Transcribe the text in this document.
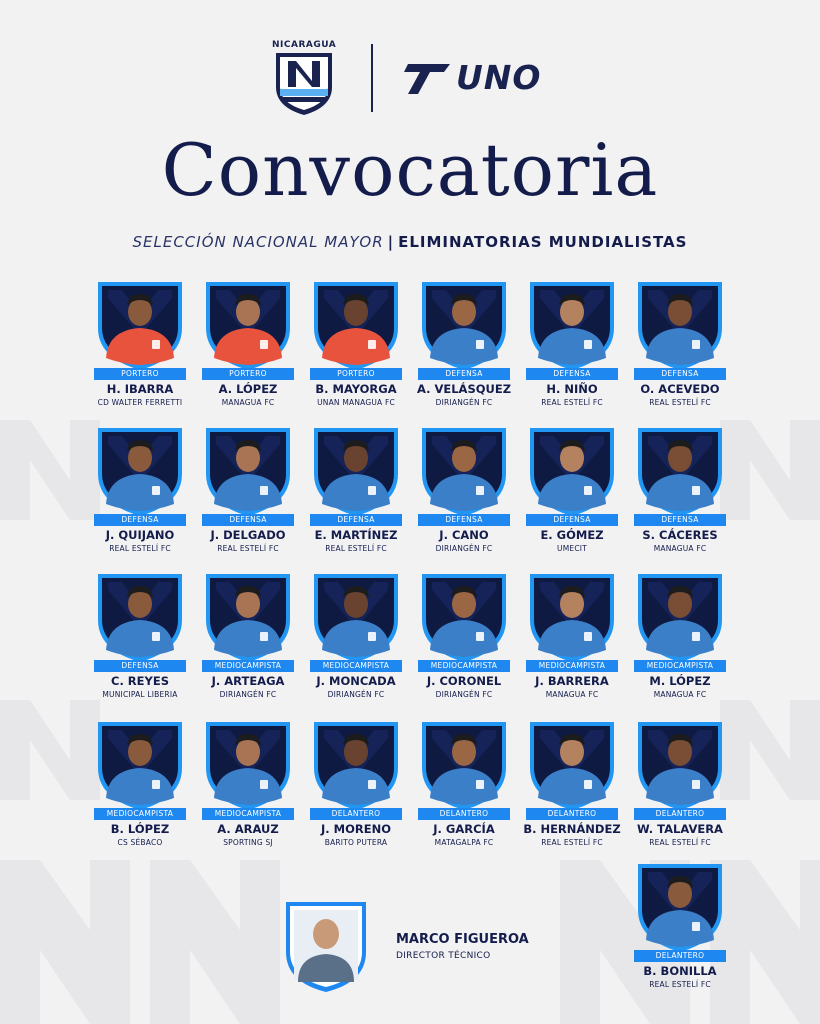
NICARAGUA
UNO
Convocatoria
SELECCIÓN NACIONAL MAYOR | ELIMINATORIAS MUNDIALISTAS
PORTERO
H. IBARRA
CD WALTER FERRETTI
PORTERO
A. LÓPEZ
MANAGUA FC
PORTERO
B. MAYORGA
UNAN MANAGUA FC
DEFENSA
A. VELÁSQUEZ
DIRIANGÉN FC
DEFENSA
H. NIÑO
REAL ESTELÍ FC
DEFENSA
O. ACEVEDO
REAL ESTELÍ FC
DEFENSA
J. QUIJANO
REAL ESTELÍ FC
DEFENSA
J. DELGADO
REAL ESTELÍ FC
DEFENSA
E. MARTÍNEZ
REAL ESTELÍ FC
DEFENSA
J. CANO
DIRIANGÉN FC
DEFENSA
E. GÓMEZ
UMECIT
DEFENSA
S. CÁCERES
MANAGUA FC
DEFENSA
C. REYES
MUNICIPAL LIBERIA
MEDIOCAMPISTA
J. ARTEAGA
DIRIANGÉN FC
MEDIOCAMPISTA
J. MONCADA
DIRIANGÉN FC
MEDIOCAMPISTA
J. CORONEL
DIRIANGÉN FC
MEDIOCAMPISTA
J. BARRERA
MANAGUA FC
MEDIOCAMPISTA
M. LÓPEZ
MANAGUA FC
MEDIOCAMPISTA
B. LÓPEZ
CS SÉBACO
MEDIOCAMPISTA
A. ARAUZ
SPORTING SJ
DELANTERO
J. MORENO
BARITO PUTERA
DELANTERO
J. GARCÍA
MATAGALPA FC
DELANTERO
B. HERNÁNDEZ
REAL ESTELÍ FC
DELANTERO
W. TALAVERA
REAL ESTELÍ FC
DELANTERO
B. BONILLA
REAL ESTELÍ FC
MARCO FIGUEROA
DIRECTOR TÉCNICO
